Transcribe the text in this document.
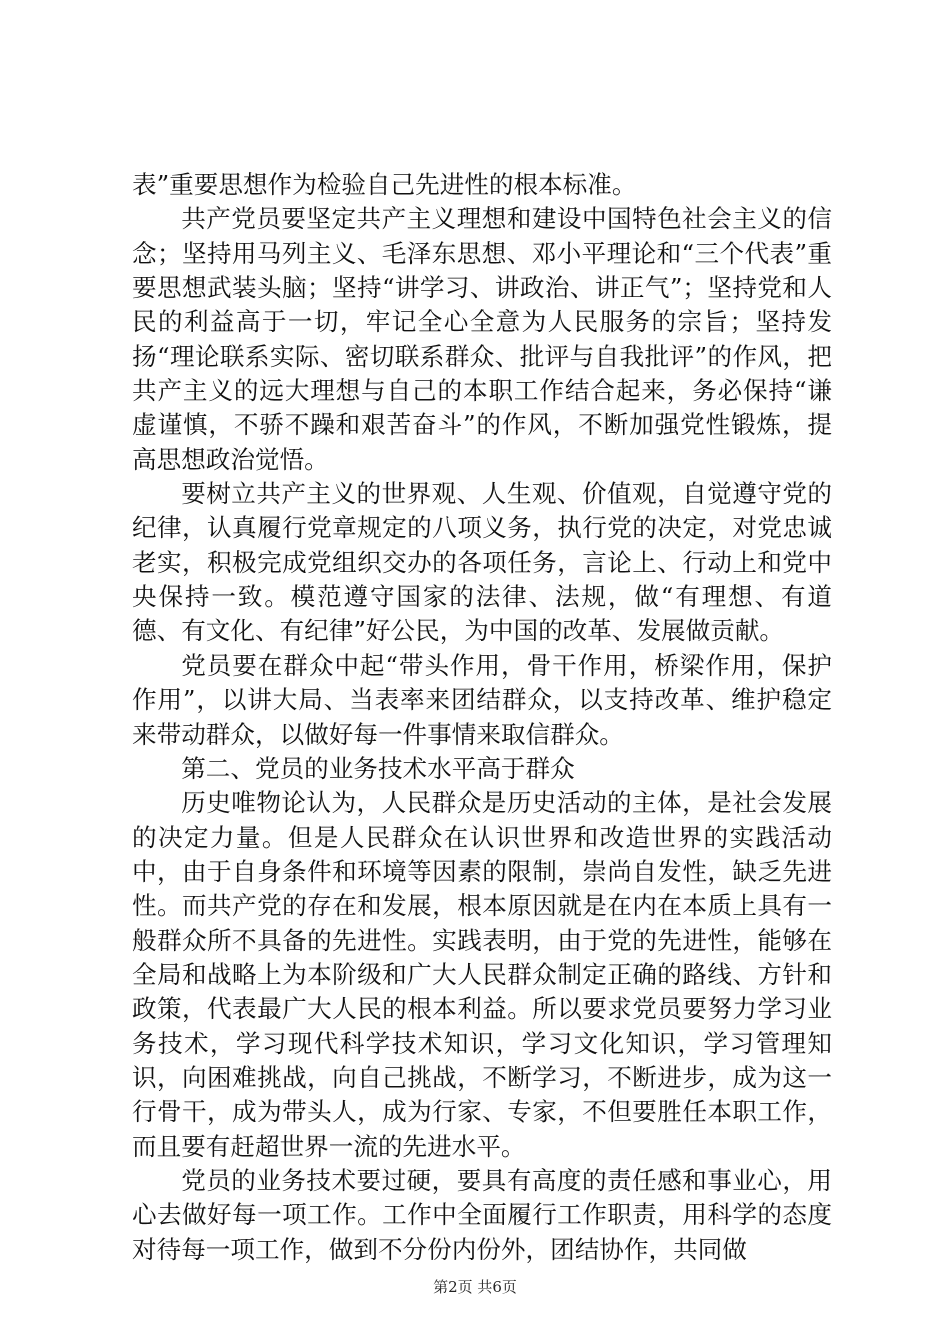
表”重要思想作为检验自己先进性的根本标准。

共产党员要坚定共产主义理想和建设中国特色社会主义的信念；坚持用马列主义、毛泽东思想、邓小平理论和“三个代表”重要思想武装头脑；坚持“讲学习、讲政治、讲正气”；坚持党和人民的利益高于一切，牢记全心全意为人民服务的宗旨；坚持发扬“理论联系实际、密切联系群众、批评与自我批评”的作风，把共产主义的远大理想与自己的本职工作结合起来，务必保持“谦虚谨慎，不骄不躁和艰苦奋斗”的作风，不断加强党性锻炼，提高思想政治觉悟。

要树立共产主义的世界观、人生观、价值观，自觉遵守党的纪律，认真履行党章规定的八项义务，执行党的决定，对党忠诚老实，积极完成党组织交办的各项任务，言论上、行动上和党中央保持一致。模范遵守国家的法律、法规，做“有理想、有道德、有文化、有纪律”好公民，为中国的改革、发展做贡献。

党员要在群众中起“带头作用，骨干作用，桥梁作用，保护作用”，以讲大局、当表率来团结群众，以支持改革、维护稳定来带动群众，以做好每一件事情来取信群众。

第二、党员的业务技术水平高于群众

历史唯物论认为，人民群众是历史活动的主体，是社会发展的决定力量。但是人民群众在认识世界和改造世界的实践活动中，由于自身条件和环境等因素的限制，崇尚自发性，缺乏先进性。而共产党的存在和发展，根本原因就是在内在本质上具有一般群众所不具备的先进性。实践表明，由于党的先进性，能够在全局和战略上为本阶级和广大人民群众制定正确的路线、方针和政策，代表最广大人民的根本利益。所以要求党员要努力学习业务技术，学习现代科学技术知识，学习文化知识，学习管理知识，向困难挑战，向自己挑战，不断学习，不断进步，成为这一行骨干，成为带头人，成为行家、专家，不但要胜任本职工作，而且要有赶超世界一流的先进水平。

党员的业务技术要过硬，要具有高度的责任感和事业心，用心去做好每一项工作。工作中全面履行工作职责，用科学的态度对待每一项工作，做到不分份内份外，团结协作，共同做

第2页 共6页
